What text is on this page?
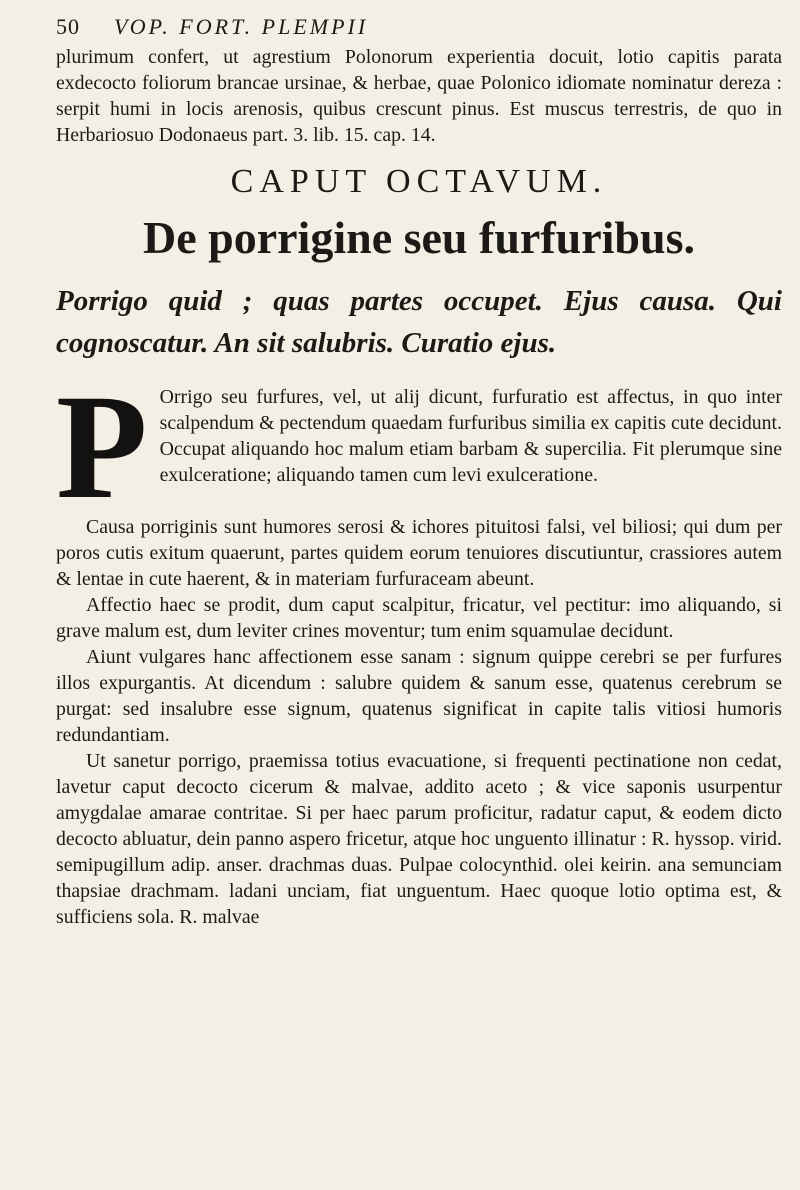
50 VOP. FORT. PLEMPII

plurimum confert, ut agrestium Polonorum experientia docuit, lotio capitis parata exdecocto foliorum brancae ursinae, & herbae, quae Polonico idiomate nominatur dereza : serpit humi in locis arenosis, quibus crescunt pinus. Est muscus terrestris, de quo in Herbariosuo Dodonaeus part. 3. lib. 15. cap. 14.

CAPUT OCTAVUM.
De porrigine seu furfuribus.
Porrigo quid ; quas partes occupet. Ejus causa. Qui cognoscatur. An sit salubris. Curatio ejus.
P Orrigo seu furfures, vel, ut alij dicunt, furfuratio est affectus, in quo inter scalpendum & pectendum quaedam furfuribus similia ex capitis cute decidunt. Occupat aliquando hoc malum etiam barbam & supercilia. Fit plerumque sine exulceratione; aliquando tamen cum levi exulceratione.

Causa porriginis sunt humores serosi & ichores pituitosi falsi, vel biliosi; qui dum per poros cutis exitum quaerunt, partes quidem eorum tenuiores discutiuntur, crassiores autem & lentae in cute haerent, & in materiam furfuraceam abeunt.

Affectio haec se prodit, dum caput scalpitur, fricatur, vel pectitur: imo aliquando, si grave malum est, dum leviter crines moventur; tum enim squamulae decidunt.

Aiunt vulgares hanc affectionem esse sanam : signum quippe cerebri se per furfures illos expurgantis. At dicendum : salubre quidem & sanum esse, quatenus cerebrum se purgat: sed insalubre esse signum, quatenus significat in capite talis vitiosi humoris redundantiam.

Ut sanetur porrigo, praemissa totius evacuatione, si frequenti pectinatione non cedat, lavetur caput decocto cicerum & malvae, addito aceto ; & vice saponis usurpentur amygdalae amarae contritae. Si per haec parum proficitur, radatur caput, & eodem dicto decocto abluatur, dein panno aspero fricetur, atque hoc unguento illinatur : R. hyssop. virid. semipugillum adip. anser. drachmas duas. Pulpae colocynthid. olei keirin. ana semunciam thapsiae drachmam. ladani unciam, fiat unguentum. Haec quoque lotio optima est, & sufficiens sola. R. malvae
